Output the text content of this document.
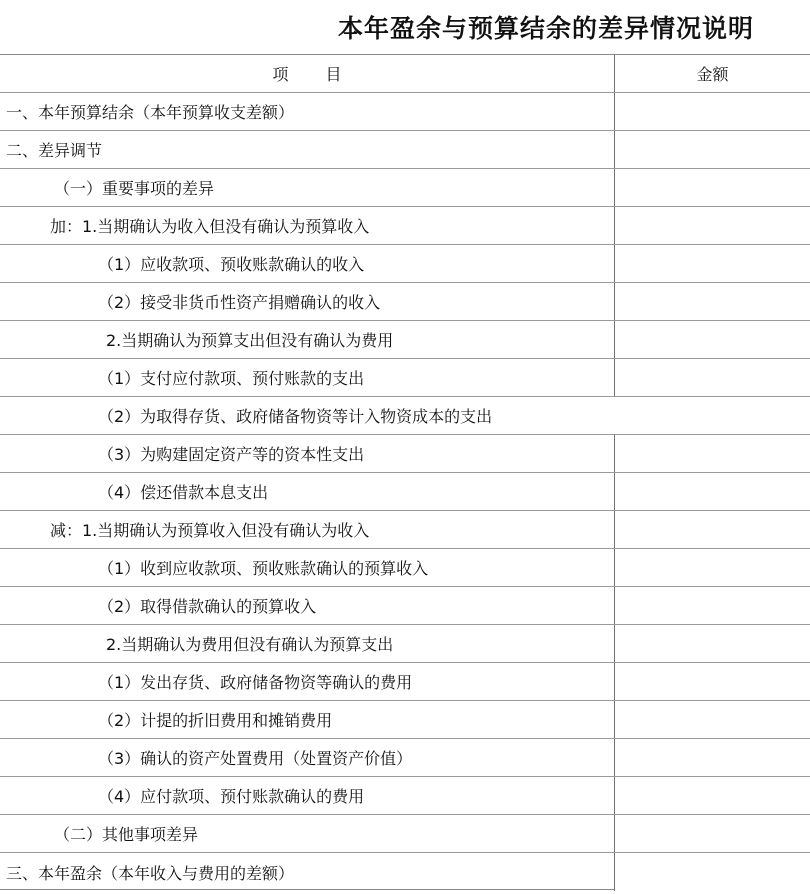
本年盈余与预算结余的差异情况说明
项 目	金额
一、本年预算结余（本年预算收支差额）
二、差异调节
（一）重要事项的差异
加：1.当期确认为收入但没有确认为预算收入
（1）应收款项、预收账款确认的收入
（2）接受非货币性资产捐赠确认的收入
2.当期确认为预算支出但没有确认为费用
（1）支付应付款项、预付账款的支出
（2）为取得存货、政府储备物资等计入物资成本的支出
（3）为购建固定资产等的资本性支出
（4）偿还借款本息支出
减：1.当期确认为预算收入但没有确认为收入
（1）收到应收款项、预收账款确认的预算收入
（2）取得借款确认的预算收入
2.当期确认为费用但没有确认为预算支出
（1）发出存货、政府储备物资等确认的费用
（2）计提的折旧费用和摊销费用
（3）确认的资产处置费用（处置资产价值）
（4）应付款项、预付账款确认的费用
（二）其他事项差异
三、本年盈余（本年收入与费用的差额）
